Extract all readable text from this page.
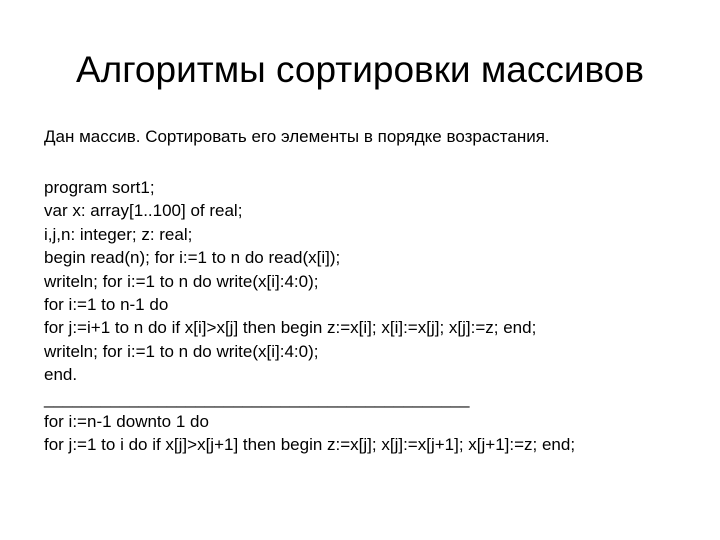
Алгоритмы сортировки массивов

Дан массив. Сортировать его элементы в порядке возрастания.

program sort1;
var x: array[1..100] of real;
i,j,n: integer; z: real;
begin read(n); for i:=1 to n do read(x[i]);
writeln; for i:=1 to n do write(x[i]:4:0);
for i:=1 to n-1 do
for j:=i+1 to n do if x[i]>x[j] then begin z:=x[i]; x[i]:=x[j]; x[j]:=z; end;
writeln; for i:=1 to n do write(x[i]:4:0);
end.
_____________________________________________
for i:=n-1 downto 1 do
for j:=1 to i do if x[j]>x[j+1] then begin z:=x[j]; x[j]:=x[j+1]; x[j+1]:=z; end;
